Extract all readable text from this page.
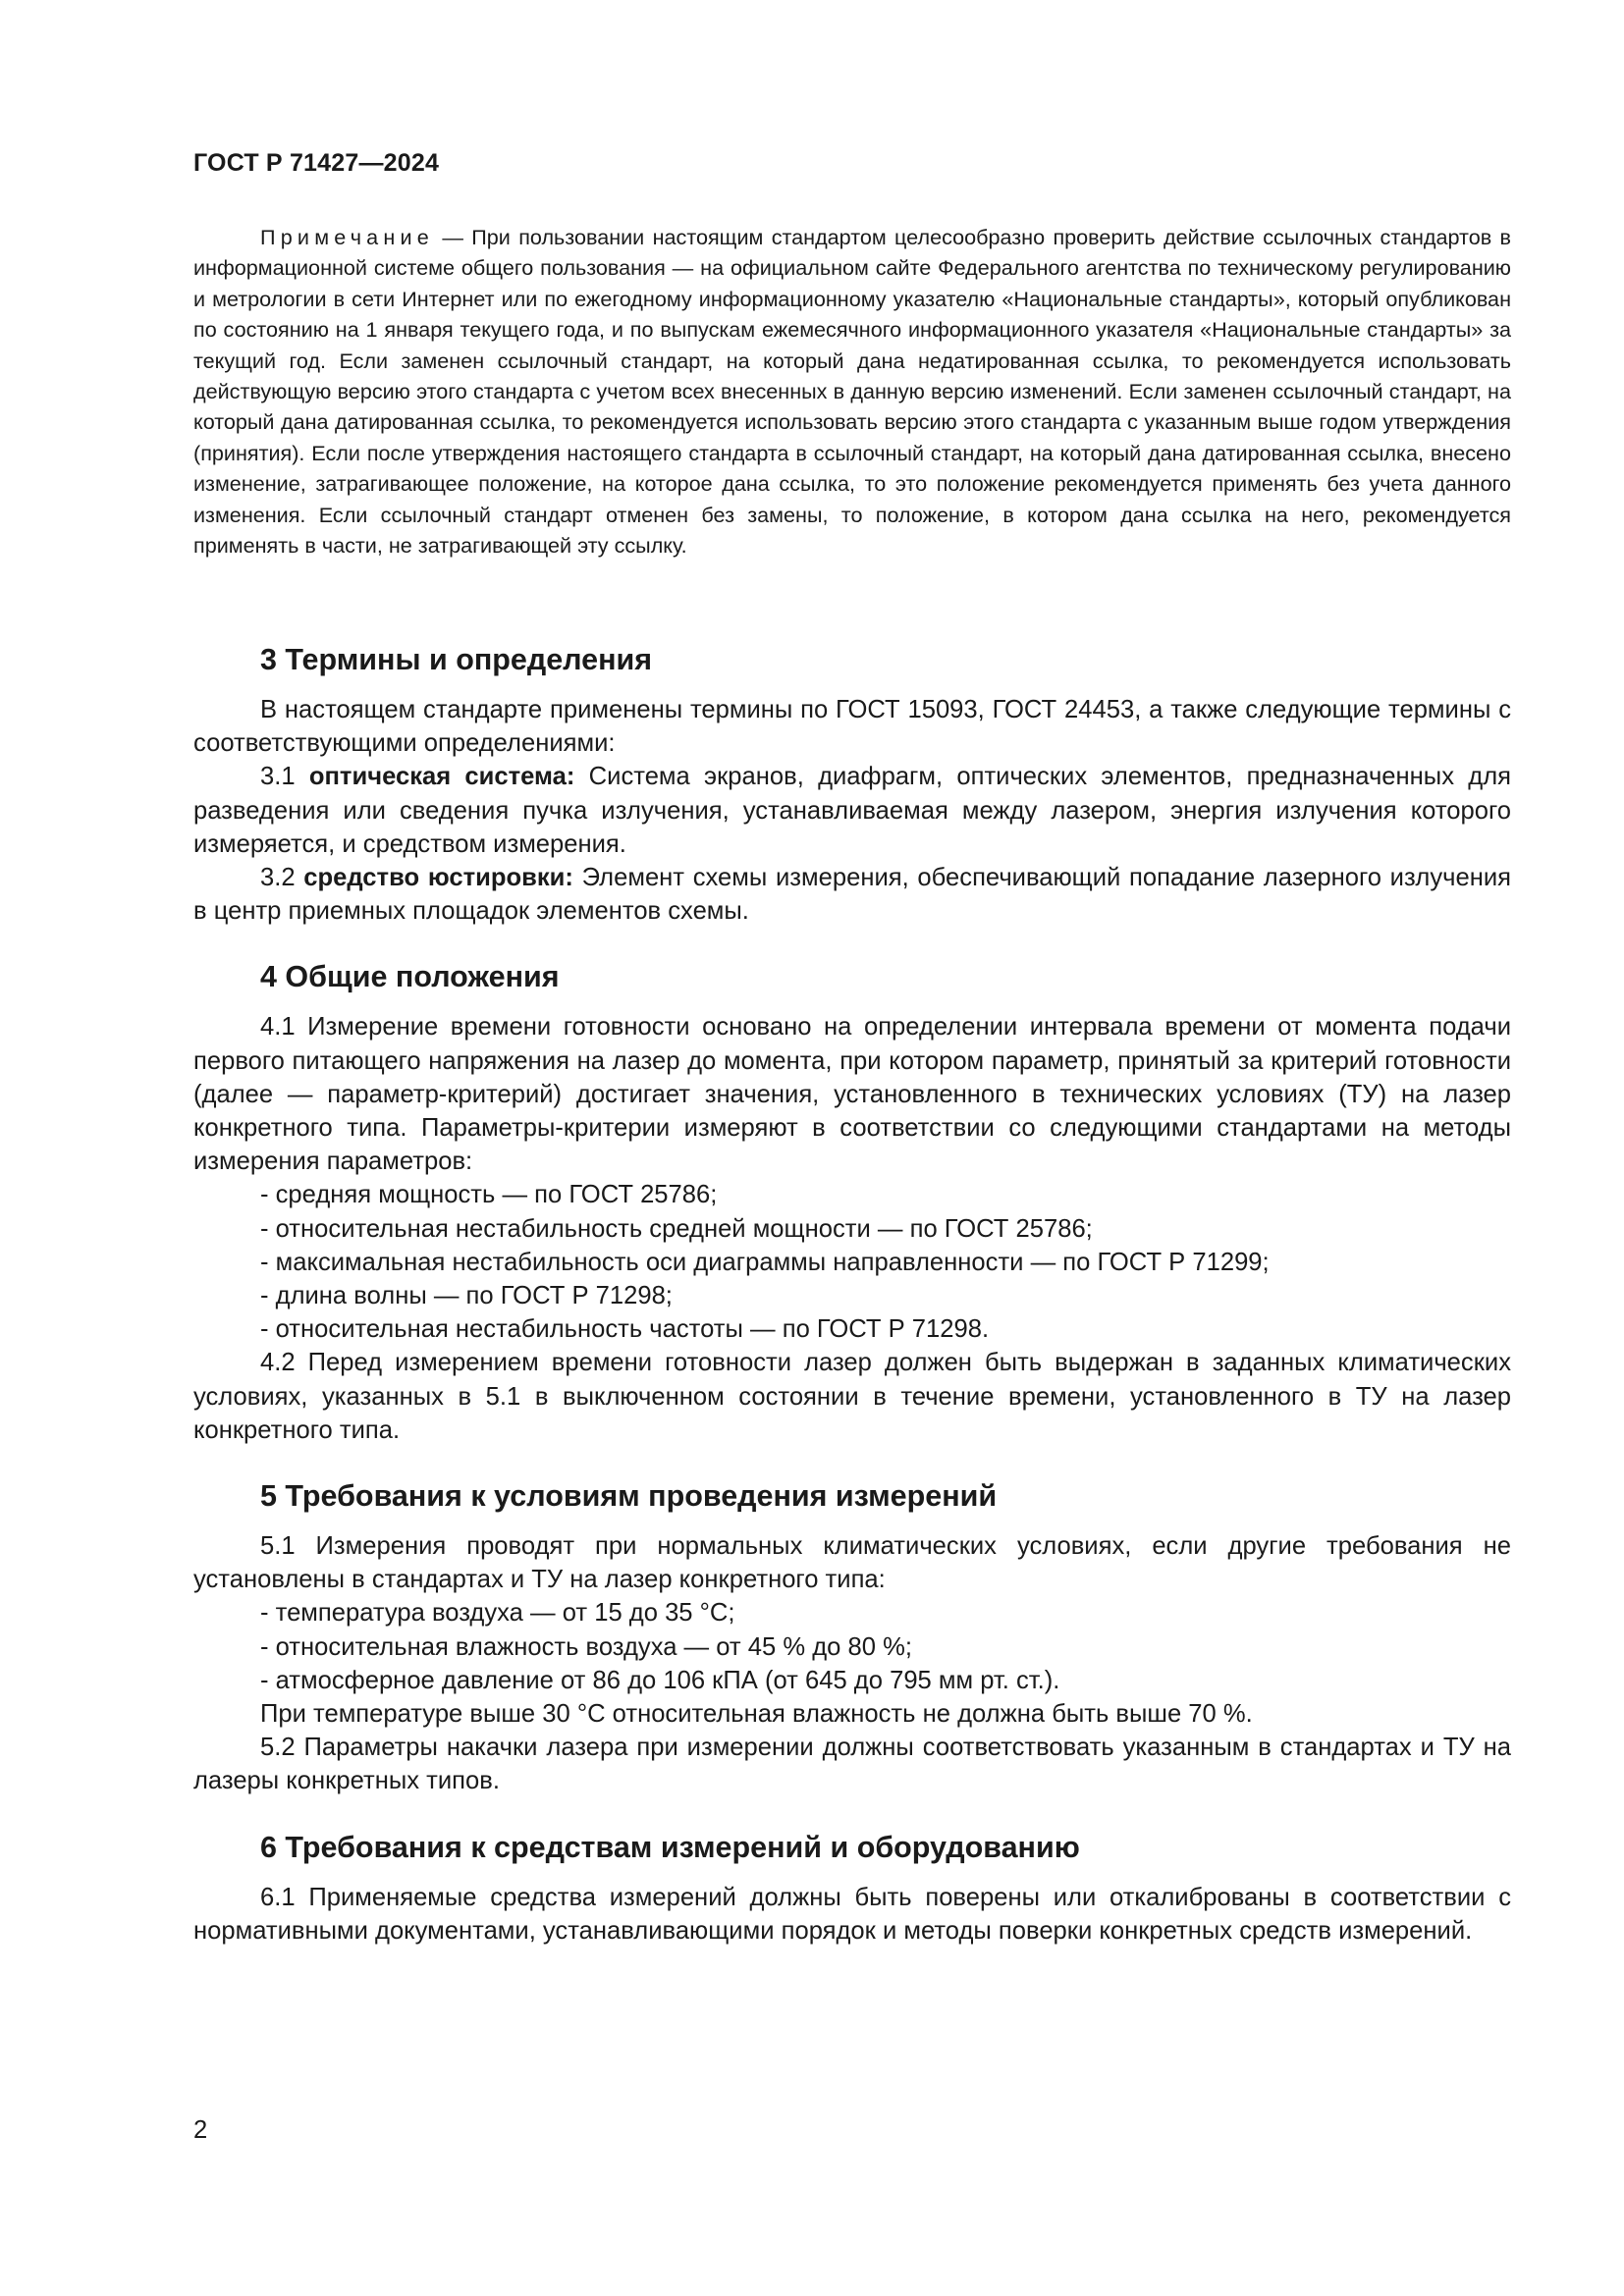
ГОСТ Р 71427—2024
Примечание — При пользовании настоящим стандартом целесообразно проверить действие ссылочных стандартов в информационной системе общего пользования — на официальном сайте Федерального агентства по техническому регулированию и метрологии в сети Интернет или по ежегодному информационному указателю «Национальные стандарты», который опубликован по состоянию на 1 января текущего года, и по выпускам ежемесячного информационного указателя «Национальные стандарты» за текущий год. Если заменен ссылочный стандарт, на который дана недатированная ссылка, то рекомендуется использовать действующую версию этого стандарта с учетом всех внесенных в данную версию изменений. Если заменен ссылочный стандарт, на который дана датированная ссылка, то рекомендуется использовать версию этого стандарта с указанным выше годом утверждения (принятия). Если после утверждения настоящего стандарта в ссылочный стандарт, на который дана датированная ссылка, внесено изменение, затрагивающее положение, на которое дана ссылка, то это положение рекомендуется применять без учета данного изменения. Если ссылочный стандарт отменен без замены, то положение, в котором дана ссылка на него, рекомендуется применять в части, не затрагивающей эту ссылку.
3 Термины и определения

В настоящем стандарте применены термины по ГОСТ 15093, ГОСТ 24453, а также следующие термины с соответствующими определениями:

3.1 оптическая система: Система экранов, диафрагм, оптических элементов, предназначенных для разведения или сведения пучка излучения, устанавливаемая между лазером, энергия излучения которого измеряется, и средством измерения.

3.2 средство юстировки: Элемент схемы измерения, обеспечивающий попадание лазерного излучения в центр приемных площадок элементов схемы.

4 Общие положения

4.1 Измерение времени готовности основано на определении интервала времени от момента подачи первого питающего напряжения на лазер до момента, при котором параметр, принятый за критерий готовности (далее — параметр-критерий) достигает значения, установленного в технических условиях (ТУ) на лазер конкретного типа. Параметры-критерии измеряют в соответствии со следующими стандартами на методы измерения параметров:

- средняя мощность — по ГОСТ 25786;

- относительная нестабильность средней мощности — по ГОСТ 25786;

- максимальная нестабильность оси диаграммы направленности — по ГОСТ Р 71299;

- длина волны — по ГОСТ Р 71298;

- относительная нестабильность частоты — по ГОСТ Р 71298.

4.2 Перед измерением времени готовности лазер должен быть выдержан в заданных климатических условиях, указанных в 5.1 в выключенном состоянии в течение времени, установленного в ТУ на лазер конкретного типа.

5 Требования к условиям проведения измерений

5.1 Измерения проводят при нормальных климатических условиях, если другие требования не установлены в стандартах и ТУ на лазер конкретного типа:

- температура воздуха — от 15 до 35 °С;

- относительная влажность воздуха — от 45 % до 80 %;

- атмосферное давление от 86 до 106 кПА (от 645 до 795 мм рт. ст.).

При температуре выше 30 °С относительная влажность не должна быть выше 70 %.

5.2 Параметры накачки лазера при измерении должны соответствовать указанным в стандартах и ТУ на лазеры конкретных типов.

6 Требования к средствам измерений и оборудованию

6.1 Применяемые средства измерений должны быть поверены или откалиброваны в соответствии с нормативными документами, устанавливающими порядок и методы поверки конкретных средств измерений.

2
